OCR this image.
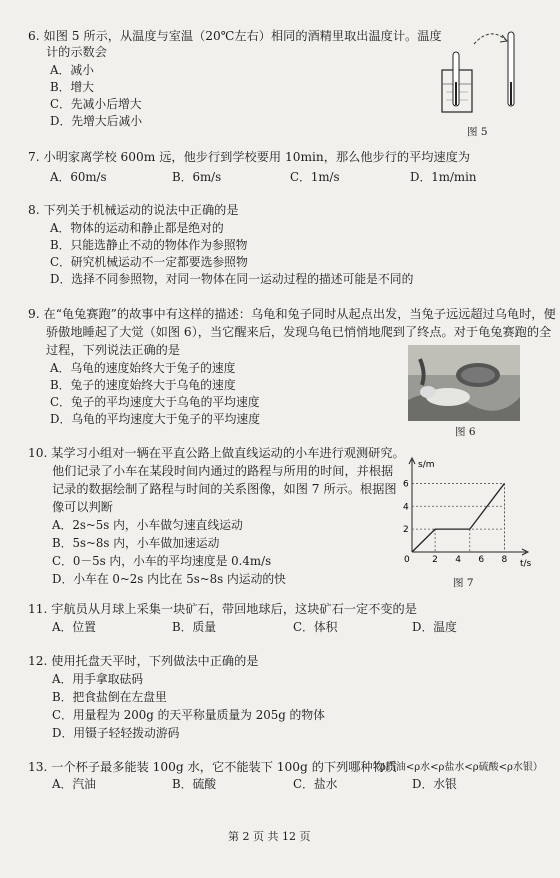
6. 如图 5 所示，从温度与室温（20℃左右）相同的酒精里取出温度计。温度
计的示数会
A．减小
B．增大
C．先减小后增大
D．先增大后减小
图 5
7. 小明家离学校 600m 远，他步行到学校要用 10min，那么他步行的平均速度为
A．60m/s	B．6m/s	C．1m/s	D．1m/min
8. 下列关于机械运动的说法中正确的是
A．物体的运动和静止都是绝对的
B．只能选静止不动的物体作为参照物
C．研究机械运动不一定都要选参照物
D．选择不同参照物，对同一物体在同一运动过程的描述可能是不同的
9. 在“龟兔赛跑”的故事中有这样的描述：乌龟和兔子同时从起点出发，当兔子远远超过乌龟时，便
骄傲地睡起了大觉（如图 6），当它醒来后，发现乌龟已悄悄地爬到了终点。对于龟兔赛跑的全
过程，下列说法正确的是
A．乌龟的速度始终大于兔子的速度
B．兔子的速度始终大于乌龟的速度
C．兔子的平均速度大于乌龟的平均速度
D．乌龟的平均速度大于兔子的平均速度
图 6
10. 某学习小组对一辆在平直公路上做直线运动的小车进行观测研究。
他们记录了小车在某段时间内通过的路程与所用的时间，并根据
记录的数据绘制了路程与时间的关系图像，如图 7 所示。根据图
像可以判断
A．2s~5s 内，小车做匀速直线运动
B．5s~8s 内，小车做加速运动
C．0－5s 内，小车的平均速度是 0.4m/s
D．小车在 0~2s 内比在 5s~8s 内运动的快
2 4 6 8
2
4
6
s/m
t/s
0
图 7
11. 宇航员从月球上采集一块矿石，带回地球后，这块矿石一定不变的是
A．位置	B．质量	C．体积	D．温度
12. 使用托盘天平时，下列做法中正确的是
A．用手拿取砝码
B．把食盐倒在左盘里
C．用量程为 200g 的天平称量质量为 205g 的物体
D．用镊子轻轻拨动游码
13. 一个杯子最多能装 100g 水，它不能装下 100g 的下列哪种物质
（ρ汽油<ρ水<ρ盐水<ρ硫酸<ρ水银）
A．汽油	B．硫酸	C．盐水	D．水银
第 2 页 共 12 页
